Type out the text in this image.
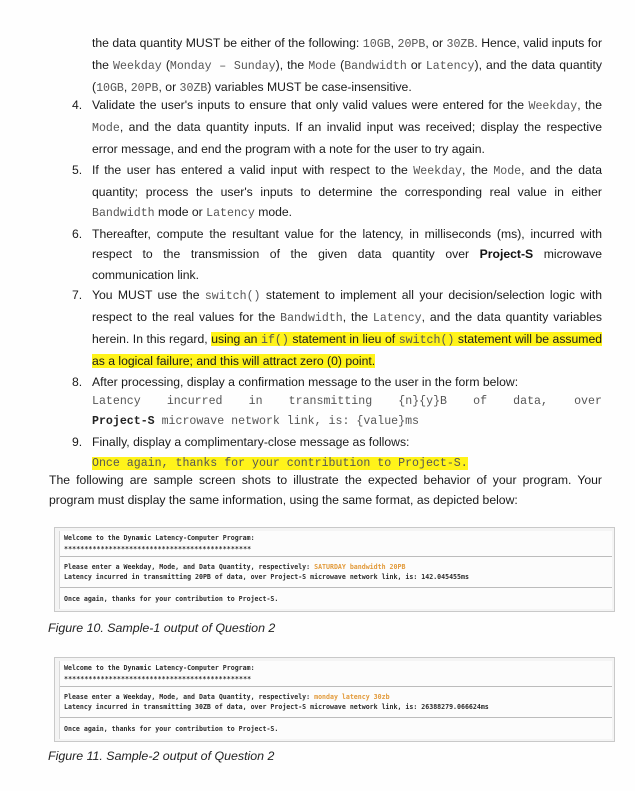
the data quantity MUST be either of the following: 10GB, 20PB, or 30ZB. Hence, valid inputs for the Weekday (Monday – Sunday), the Mode (Bandwidth or Latency), and the data quantity (10GB, 20PB, or 30ZB) variables MUST be case-insensitive.
4. Validate the user's inputs to ensure that only valid values were entered for the Weekday, the Mode, and the data quantity inputs. If an invalid input was received; display the respective error message, and end the program with a note for the user to try again.
5. If the user has entered a valid input with respect to the Weekday, the Mode, and the data quantity; process the user's inputs to determine the corresponding real value in either Bandwidth mode or Latency mode.
6. Thereafter, compute the resultant value for the latency, in milliseconds (ms), incurred with respect to the transmission of the given data quantity over Project-S microwave communication link.
7. You MUST use the switch() statement to implement all your decision/selection logic with respect to the real values for the Bandwidth, the Latency, and the data quantity variables herein. In this regard, using an if() statement in lieu of switch() statement will be assumed as a logical failure; and this will attract zero (0) point.
8. After processing, display a confirmation message to the user in the form below:
Latency incurred in transmitting {n}{y}B of data, over
Project-S microwave network link, is: {value}ms
9. Finally, display a complimentary-close message as follows:
Once again, thanks for your contribution to Project-S.
The following are sample screen shots to illustrate the expected behavior of your program. Your program must display the same information, using the same format, as depicted below:
Welcome to the Dynamic Latency-Computer Program:
**********************************************
Please enter a Weekday, Mode, and Data Quantity, respectively: SATURDAY bandwidth 20PB
Latency incurred in transmitting 20PB of data, over Project-S microwave network link, is: 142.045455ms
Once again, thanks for your contribution to Project-S.
Figure 10. Sample-1 output of Question 2
Welcome to the Dynamic Latency-Computer Program:
**********************************************
Please enter a Weekday, Mode, and Data Quantity, respectively: monday latency 30zb
Latency incurred in transmitting 30ZB of data, over Project-S microwave network link, is: 26388279.066624ms
Once again, thanks for your contribution to Project-S.
Figure 11. Sample-2 output of Question 2
